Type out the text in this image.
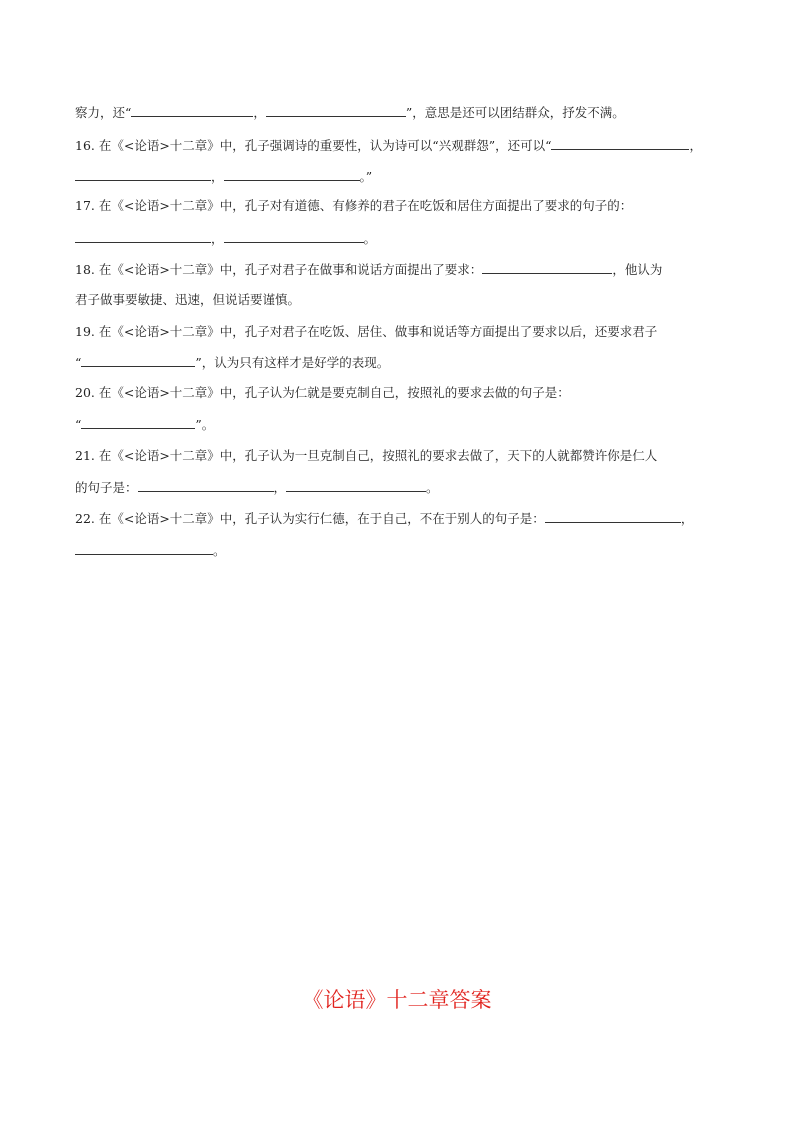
察力，还“	，	”，意思是还可以团结群众，抒发不满。
16. 在《<论语>十二章》中，孔子强调诗的重要性，认为诗可以“兴观群怨”，还可以“	，
，	。”
17. 在《<论语>十二章》中，孔子对有道德、有修养的君子在吃饭和居住方面提出了要求的句子的：
，	。
18. 在《<论语>十二章》中，孔子对君子在做事和说话方面提出了要求：	，他认为
君子做事要敏捷、迅速，但说话要谨慎。
19. 在《<论语>十二章》中，孔子对君子在吃饭、居住、做事和说话等方面提出了要求以后，还要求君子
“	”，认为只有这样才是好学的表现。
20. 在《<论语>十二章》中，孔子认为仁就是要克制自己，按照礼的要求去做的句子是：
“	”。
21. 在《<论语>十二章》中，孔子认为一旦克制自己，按照礼的要求去做了，天下的人就都赞许你是仁人
的句子是：	，	。
22. 在《<论语>十二章》中，孔子认为实行仁德，在于自己，不在于别人的句子是：	，
。
《论语》十二章答案
